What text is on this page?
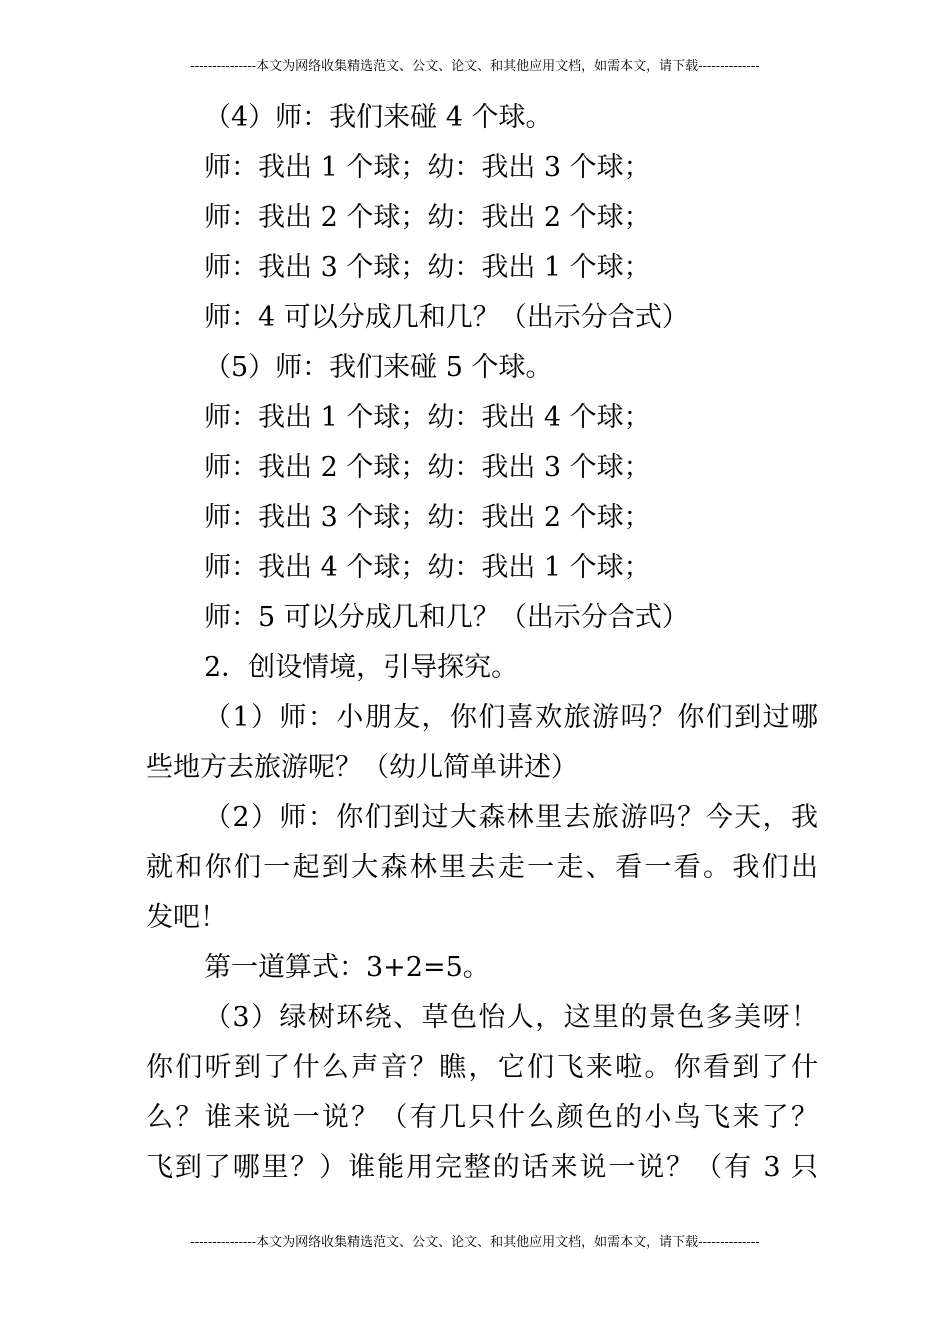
---------------本文为网络收集精选范文、公文、论文、和其他应用文档，如需本文，请下载--------------
（4）师：我们来碰 4 个球。
师：我出 1 个球；幼：我出 3 个球；
师：我出 2 个球；幼：我出 2 个球；
师：我出 3 个球；幼：我出 1 个球；
师：4 可以分成几和几？（出示分合式）
（5）师：我们来碰 5 个球。
师：我出 1 个球；幼：我出 4 个球；
师：我出 2 个球；幼：我出 3 个球；
师：我出 3 个球；幼：我出 2 个球；
师：我出 4 个球；幼：我出 1 个球；
师：5 可以分成几和几？（出示分合式）
2．创设情境，引导探究。
（1）师：小朋友，你们喜欢旅游吗？你们到过哪
些地方去旅游呢？（幼儿简单讲述）
（2）师：你们到过大森林里去旅游吗？今天，我
就和你们一起到大森林里去走一走、看一看。我们出
发吧！
第一道算式：3+2=5。
（3）绿树环绕、草色怡人，这里的景色多美呀！
你们听到了什么声音？瞧，它们飞来啦。你看到了什
么？谁来说一说？（有几只什么颜色的小鸟飞来了？
飞到了哪里？）谁能用完整的话来说一说？（有 3 只
---------------本文为网络收集精选范文、公文、论文、和其他应用文档，如需本文，请下载--------------
